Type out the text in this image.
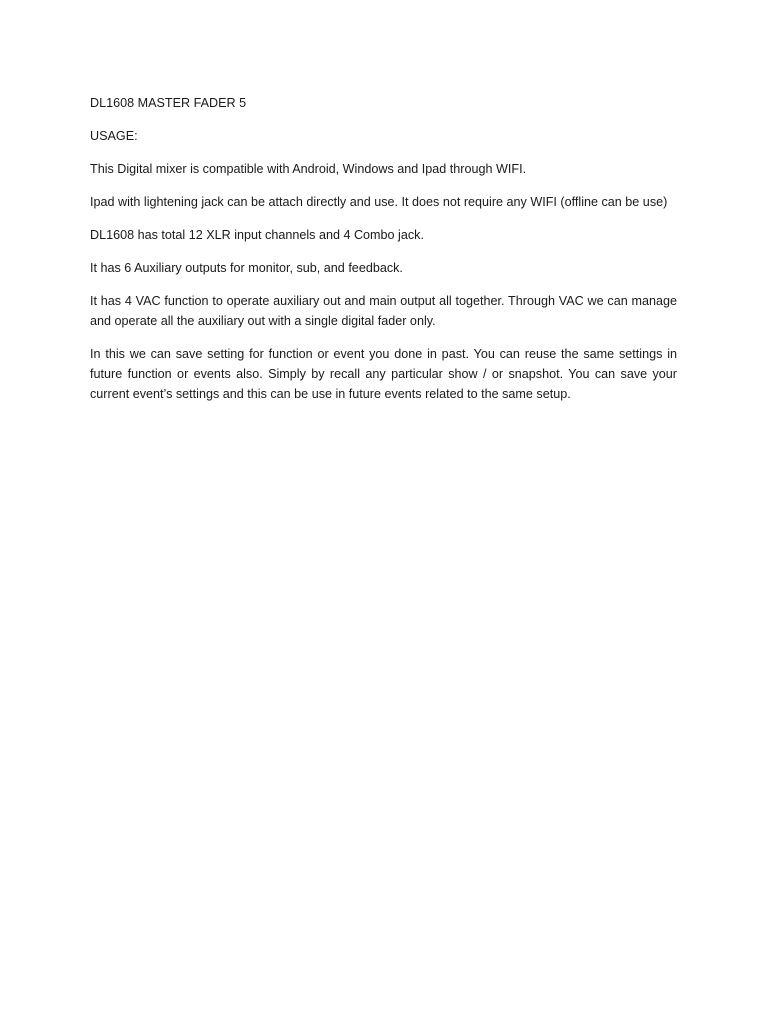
DL1608 MASTER FADER 5

USAGE:

This Digital mixer is compatible with Android, Windows and Ipad through WIFI.

Ipad with lightening jack can be attach directly and use. It does not require any WIFI (offline can be use)

DL1608 has total 12 XLR input channels and 4 Combo jack.

It has 6 Auxiliary outputs for monitor, sub, and feedback.

It has 4 VAC function to operate auxiliary out and main output all together. Through VAC we can manage and operate all the auxiliary out with a single digital fader only.

In this we can save setting for function or event you done in past. You can reuse the same settings in future function or events also. Simply by recall any particular show / or snapshot. You can save your current event’s settings and this can be use in future events related to the same setup.
